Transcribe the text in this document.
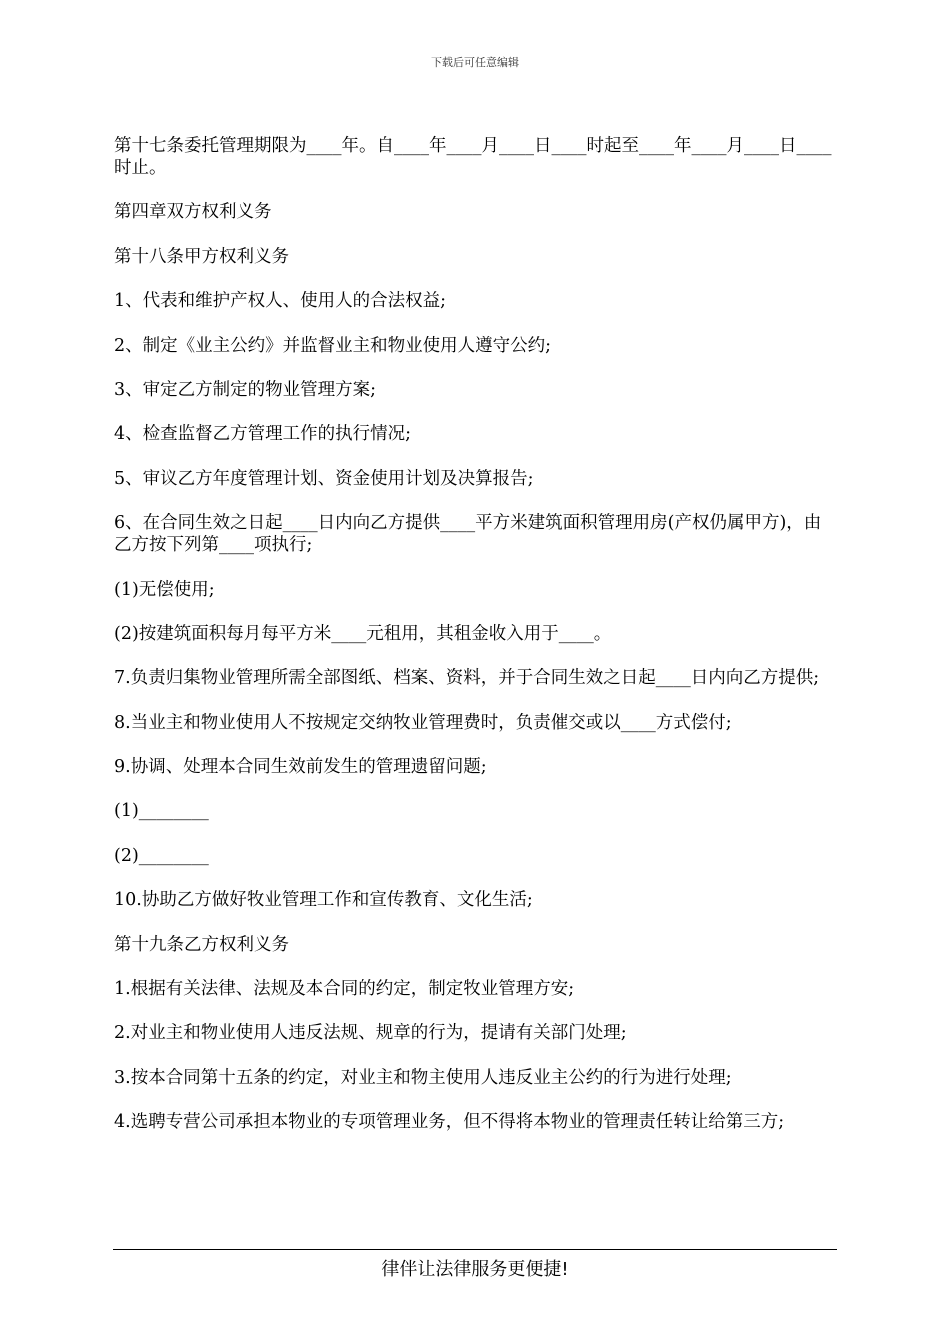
下载后可任意编辑

第十七条委托管理期限为____年。自____年____月____日____时起至____年____月____日____时止。

第四章双方权利义务

第十八条甲方权利义务

1、代表和维护产权人、使用人的合法权益;

2、制定《业主公约》并监督业主和物业使用人遵守公约;

3、审定乙方制定的物业管理方案;

4、检查监督乙方管理工作的执行情况;

5、审议乙方年度管理计划、资金使用计划及决算报告;

6、在合同生效之日起____日内向乙方提供____平方米建筑面积管理用房(产权仍属甲方)，由乙方按下列第____项执行;

(1)无偿使用;

(2)按建筑面积每月每平方米____元租用，其租金收入用于____。

7.负责归集物业管理所需全部图纸、档案、资料，并于合同生效之日起____日内向乙方提供;

8.当业主和物业使用人不按规定交纳牧业管理费时，负责催交或以____方式偿付;

9.协调、处理本合同生效前发生的管理遗留问题;

(1)________

(2)________

10.协助乙方做好牧业管理工作和宣传教育、文化生活;

第十九条乙方权利义务

1.根据有关法律、法规及本合同的约定，制定牧业管理方安;

2.对业主和物业使用人违反法规、规章的行为，提请有关部门处理;

3.按本合同第十五条的约定，对业主和物主使用人违反业主公约的行为进行处理;

4.选聘专营公司承担本物业的专项管理业务，但不得将本物业的管理责任转让给第三方;

律伴让法律服务更便捷!
